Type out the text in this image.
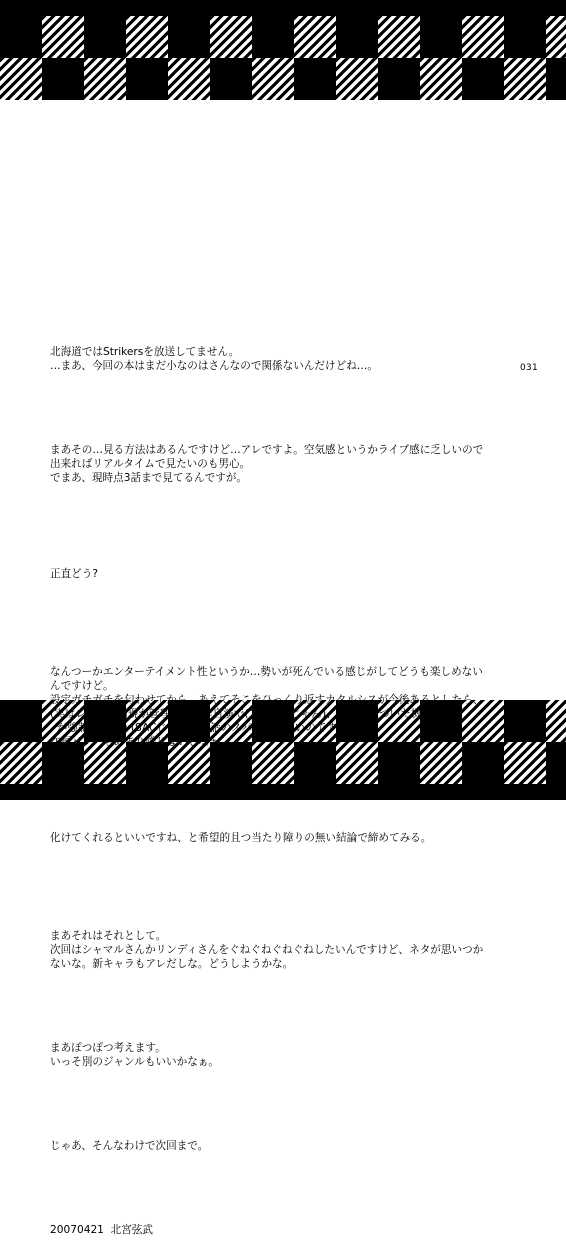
031

北海道ではStrikersを放送してません。
…まあ、今回の本はまだ小なのはさんなので関係ないんだけどね…。

まあその…見る方法はあるんですけど…アレですよ。空気感というかライブ感に乏しいので
出来ればリアルタイムで見たいのも男心。
でまあ、現時点3話まで見てるんですが。

正直どう?

なんつーかエンターテイメント性というか…勢いが死んでいる感じがしてどうも楽しめない
んですけど。
設定ガチガチを匂わせてから、あえてそこをひっくり返すカタルシスが今後あるとしたら、
(実はレリック出現が管理局の自作自演で(アムドラじゃん)、真相に近づいた機動六課
が強制解散とか(SACじゃん))24話のスパンも嬉しいのですが…。
作画パワーもあまり感じないしなぁ…。

化けてくれるといいですね、と希望的且つ当たり障りの無い結論で締めてみる。

まあそれはそれとして。
次回はシャマルさんかリンディさんをぐねぐねぐねぐねしたいんですけど、ネタが思いつか
ないな。新キャラもアレだしな。どうしようかな。

まあぽつぽつ考えます。
いっそ別のジャンルもいいかなぁ。

じゃあ、そんなわけで次回まで。

20070421  北宮弦武
